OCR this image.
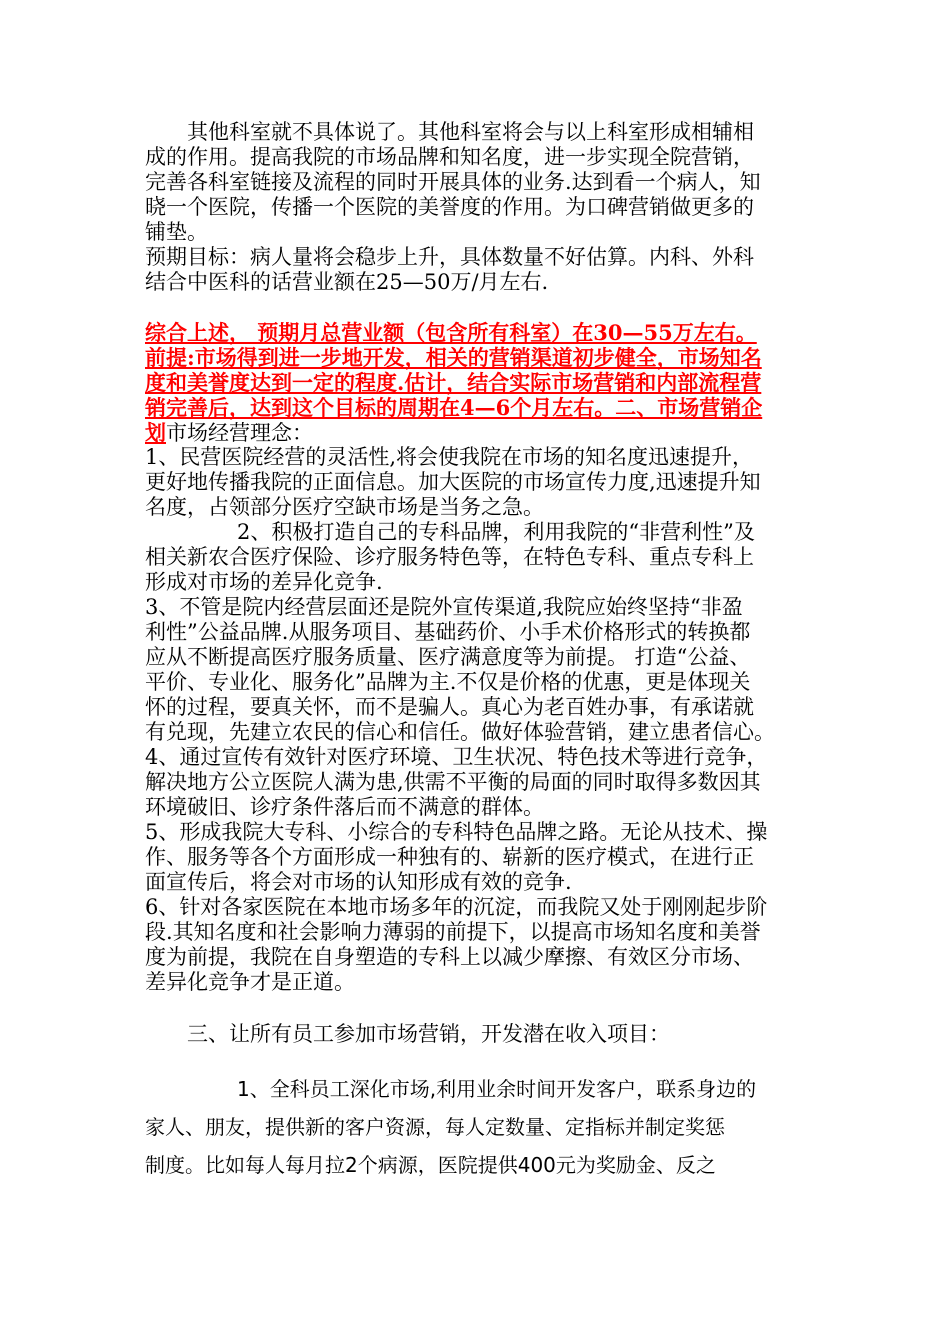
其他科室就不具体说了。其他科室将会与以上科室形成相辅相
成的作用。提高我院的市场品牌和知名度，进一步实现全院营销，
完善各科室链接及流程的同时开展具体的业务.达到看一个病人，知
晓一个医院，传播一个医院的美誉度的作用。为口碑营销做更多的
铺垫。
预期目标：病人量将会稳步上升，具体数量不好估算。内科、外科
结合中医科的话营业额在25—50万/月左右.
综合上述， 预期月总营业额（包含所有科室）在30—55万左右。
前提:市场得到进一步地开发，相关的营销渠道初步健全，市场知名
度和美誉度达到一定的程度.估计，结合实际市场营销和内部流程营
销完善后，达到这个目标的周期在4—6个月左右。二、市场营销企
划市场经营理念：
1、民营医院经营的灵活性,将会使我院在市场的知名度迅速提升，
更好地传播我院的正面信息。加大医院的市场宣传力度,迅速提升知
名度，占领部分医疗空缺市场是当务之急。
2、积极打造自己的专科品牌，利用我院的“非营利性”及
相关新农合医疗保险、诊疗服务特色等，在特色专科、重点专科上
形成对市场的差异化竞争.
3、不管是院内经营层面还是院外宣传渠道,我院应始终坚持“非盈
利性”公益品牌.从服务项目、基础药价、小手术价格形式的转换都
应从不断提高医疗服务质量、医疗满意度等为前提。 打造“公益、
平价、专业化、服务化”品牌为主.不仅是价格的优惠，更是体现关
怀的过程，要真关怀，而不是骗人。真心为老百姓办事，有承诺就
有兑现，先建立农民的信心和信任。做好体验营销，建立患者信心。
4、通过宣传有效针对医疗环境、卫生状况、特色技术等进行竞争，
解决地方公立医院人满为患,供需不平衡的局面的同时取得多数因其
环境破旧、诊疗条件落后而不满意的群体。
5、形成我院大专科、小综合的专科特色品牌之路。无论从技术、操
作、服务等各个方面形成一种独有的、崭新的医疗模式，在进行正
面宣传后，将会对市场的认知形成有效的竞争.
6、针对各家医院在本地市场多年的沉淀，而我院又处于刚刚起步阶
段.其知名度和社会影响力薄弱的前提下，以提高市场知名度和美誉
度为前提，我院在自身塑造的专科上以减少摩擦、有效区分市场、
差异化竞争才是正道。
三、让所有员工参加市场营销，开发潜在收入项目：
1、全科员工深化市场,利用业余时间开发客户，联系身边的
家人、朋友，提供新的客户资源，每人定数量、定指标并制定奖惩
制度。比如每人每月拉2个病源，医院提供400元为奖励金、反之
